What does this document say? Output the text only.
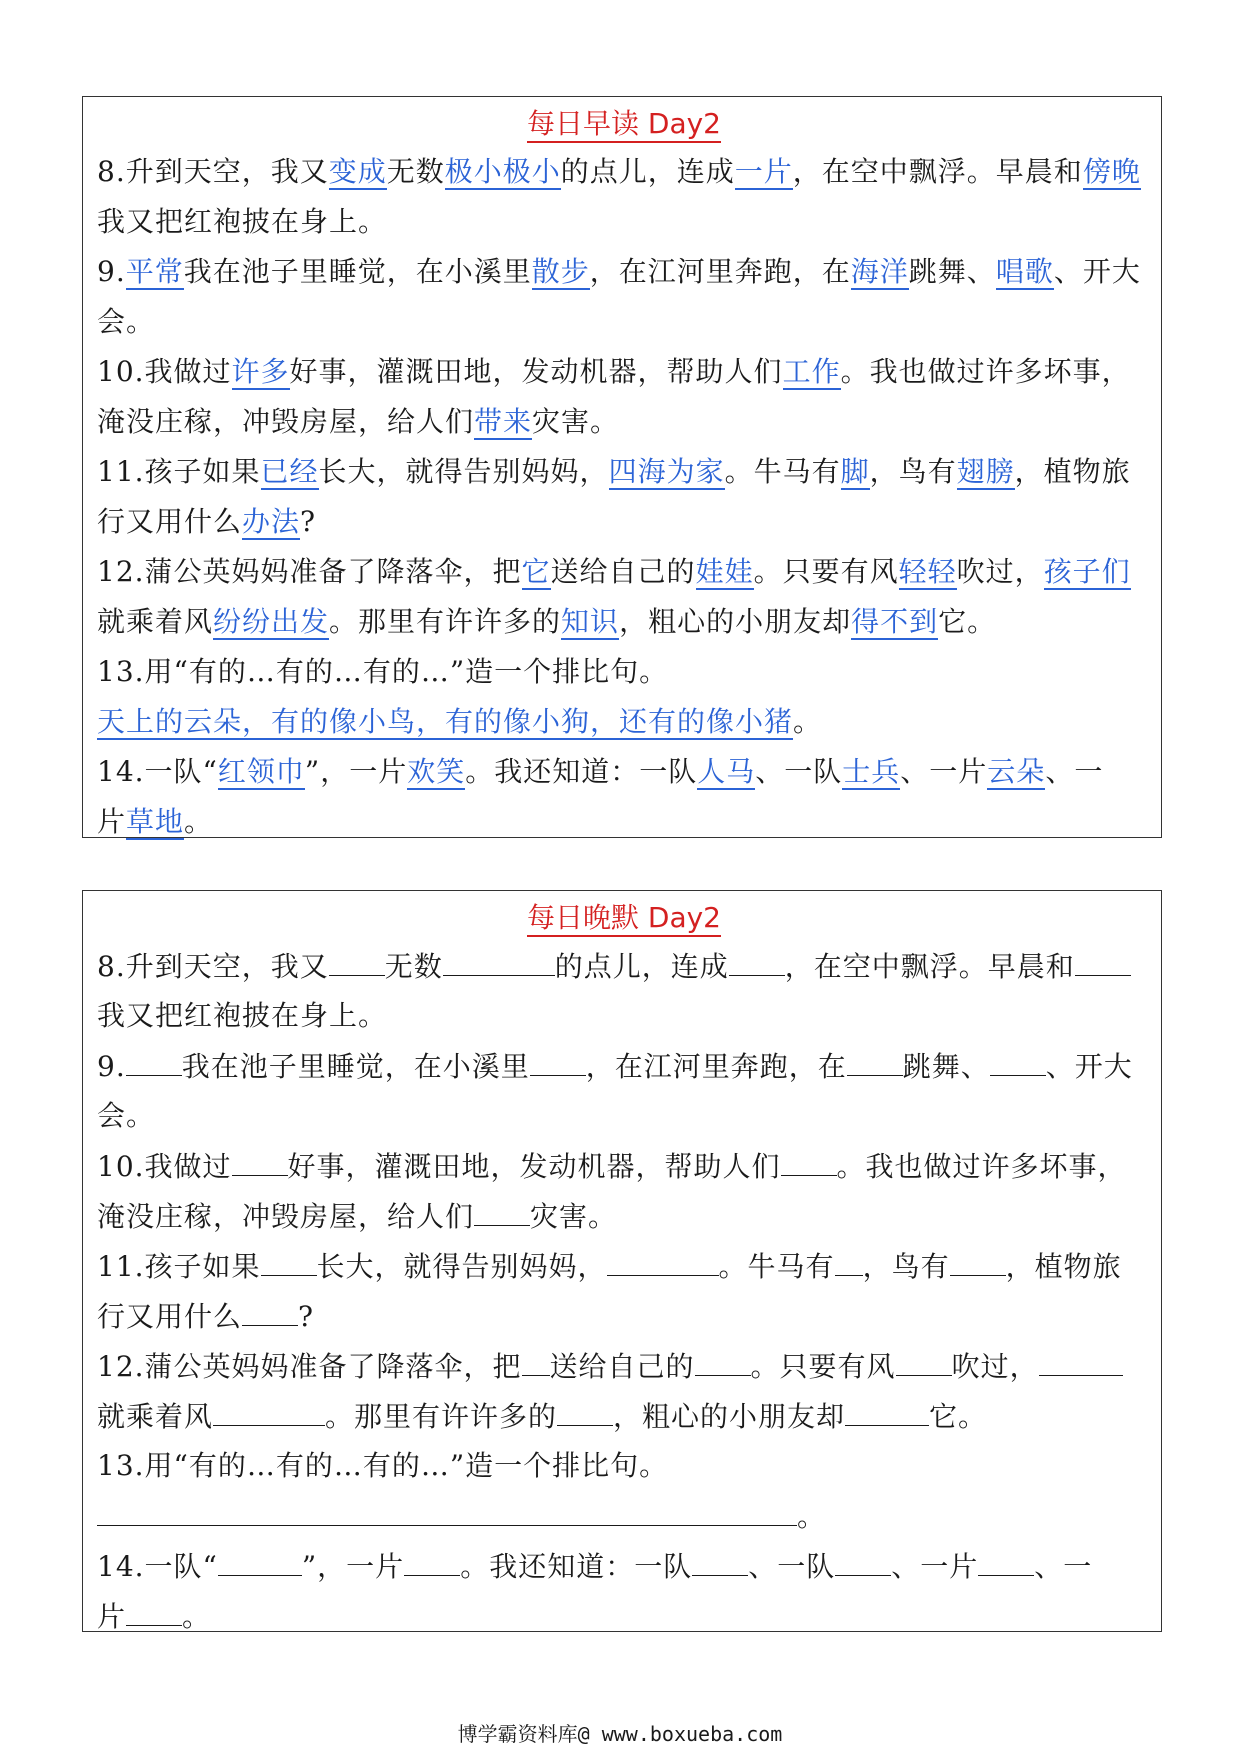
每日早读 Day2
8.升到天空，我又变成无数极小极小的点儿，连成一片，在空中飘浮。早晨和傍晚
我又把红袍披在身上。
9.平常我在池子里睡觉，在小溪里散步，在江河里奔跑，在海洋跳舞、唱歌、开大
会。
10.我做过许多好事，灌溉田地，发动机器，帮助人们工作。我也做过许多坏事，
淹没庄稼，冲毁房屋，给人们带来灾害。
11.孩子如果已经长大，就得告别妈妈，四海为家。牛马有脚，鸟有翅膀，植物旅
行又用什么办法?
12.蒲公英妈妈准备了降落伞，把它送给自己的娃娃。只要有风轻轻吹过，孩子们
就乘着风纷纷出发。那里有许许多的知识，粗心的小朋友却得不到它。
13.用“有的…有的…有的…”造一个排比句。
天上的云朵，有的像小鸟，有的像小狗，还有的像小猪。
14.一队“红领巾”，一片欢笑。我还知道：一队人马、一队士兵、一片云朵、一
片草地。
每日晚默 Day2
8.升到天空，我又 无数	的点儿，连成 ，在空中飘浮。早晨和
我又把红袍披在身上。
9. 我在池子里睡觉，在小溪里 ，在江河里奔跑，在 跳舞、 、开大
会。
10.我做过 好事，灌溉田地，发动机器，帮助人们 。我也做过许多坏事，
淹没庄稼，冲毁房屋，给人们 灾害。
11.孩子如果 长大，就得告别妈妈，	。牛马有 ，鸟有 ，植物旅
行又用什么 ?
12.蒲公英妈妈准备了降落伞，把 送给自己的 。只要有风 吹过，
就乘着风	。那里有许许多的 ，粗心的小朋友却	它。
13.用“有的…有的…有的…”造一个排比句。
。
14.一队“	”，一片 。我还知道：一队 、一队 、一片 、一
片 。
博学霸资料库@ www.boxueba.com
